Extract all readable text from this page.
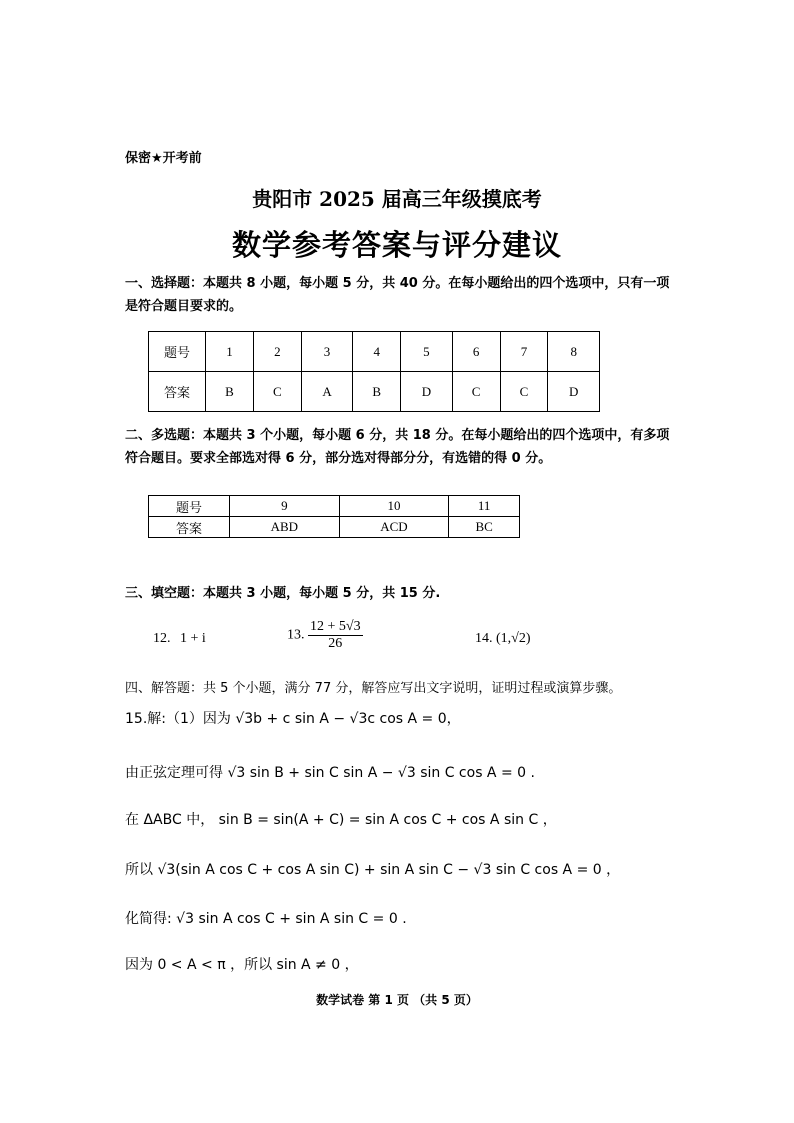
保密★开考前
贵阳市 2025 届高三年级摸底考
数学参考答案与评分建议
一、选择题：本题共 8 小题，每小题 5 分，共 40 分。在每小题给出的四个选项中，只有一项是符合题目要求的。
题号	1	2	3	4	5	6	7	8
答案	B	C	A	B	D	C	C	D
二、多选题：本题共 3 个小题，每小题 6 分，共 18 分。在每小题给出的四个选项中，有多项符合题目。要求全部选对得 6 分，部分选对得部分分，有选错的得 0 分。
题号	9	10	11
答案	ABD	ACD	BC
三、填空题：本题共 3 小题，每小题 5 分，共 15 分.
12. 1 + i	13. $\frac{12 + 5√3}{26}$	14. (1,√2)
四、解答题：共 5 个小题，满分 77 分，解答应写出文字说明，证明过程或演算步骤。
15.解:（1）因为 √3b + c sin A − √3c cos A = 0，
由正弦定理可得 √3 sin B + sin C sin A − √3 sin C cos A = 0 .
在 ΔABC 中， sin B = sin(A + C) = sin A cos C + cos A sin C ，
所以 √3(sin A cos C + cos A sin C) + sin A sin C − √3 sin C cos A = 0 ，
化简得: √3 sin A cos C + sin A sin C = 0 .
因为 0 < A < π ，所以 sin A ≠ 0 ，
数学试卷 第 1 页 （共 5 页）
